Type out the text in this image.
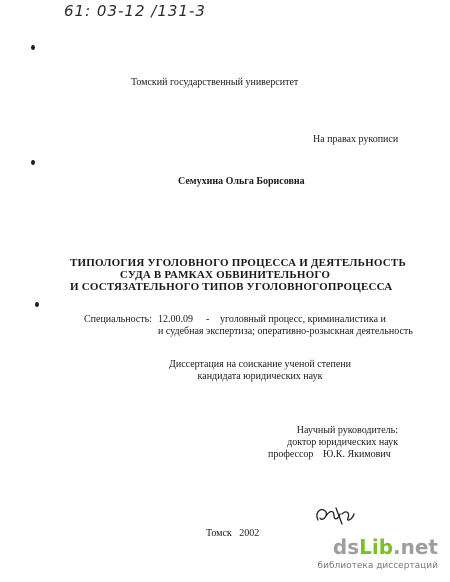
61: 03-12 /131-3
Томский государственный университет
На правах рукописи
Семухина Ольга Борисовна
ТИПОЛОГИЯ УГОЛОВНОГО ПРОЦЕССА И ДЕЯТЕЛЬНОСТЬ
СУДА В РАМКАХ ОБВИНИТЕЛЬНОГО
И СОСТЯЗАТЕЛЬНОГО ТИПОВ УГОЛОВНОГОПРОЦЕССА
Специальность: 12.00.09 - уголовный процесс, криминалистика и
и судебная экспертиза; оперативно-розыскная деятельность
Диссертация на соискание ученой степени
кандидата юридических наук
Научный руководитель:
доктор юридических наук
профессор Ю.К. Якимович
Томск   2002
dsLib.net
библиотека диссертаций
